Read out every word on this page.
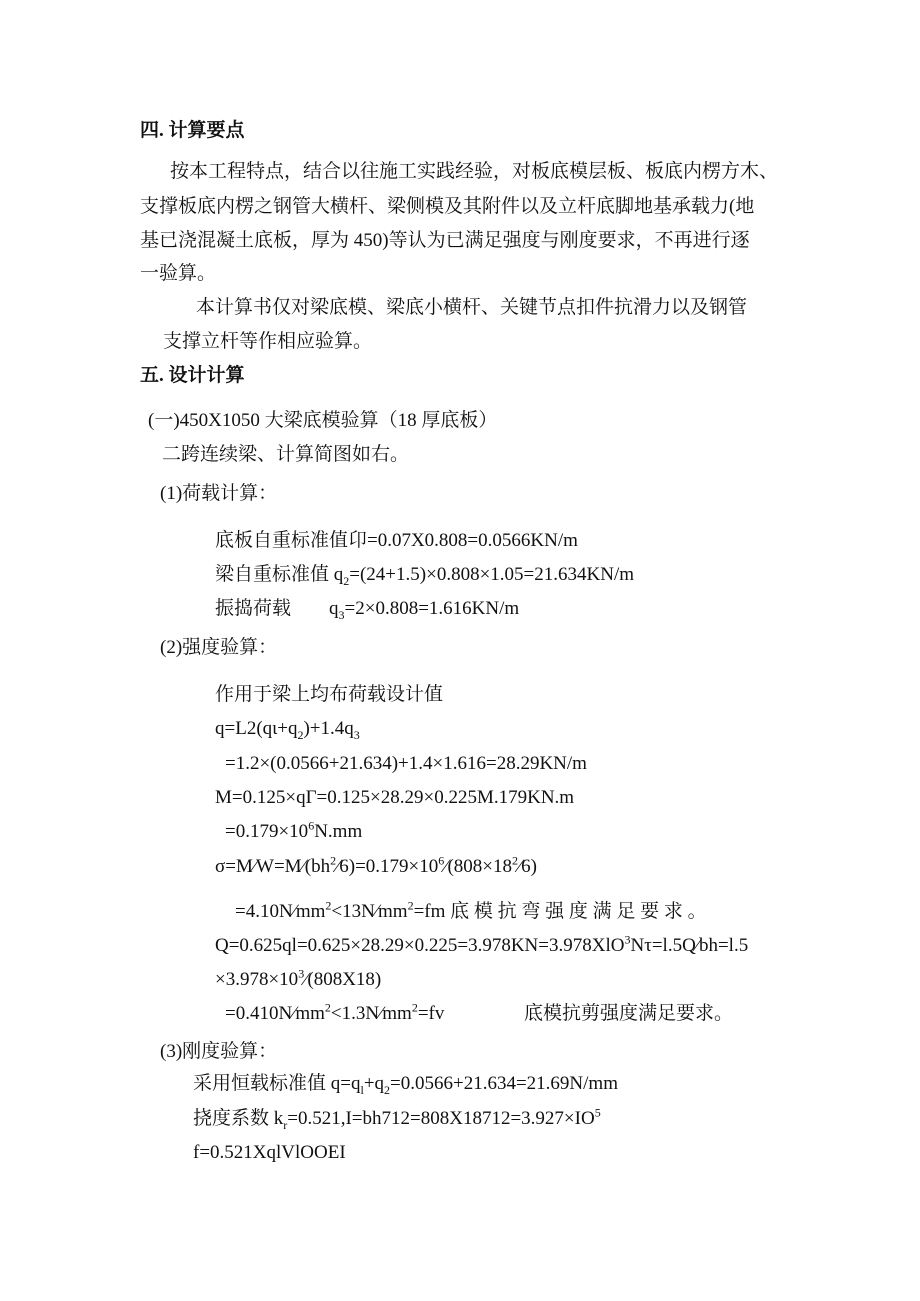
四. 计算要点
按本工程特点，结合以往施工实践经验，对板底模层板、板底内楞方木、
支撑板底内楞之钢管大横杆、梁侧模及其附件以及立杆底脚地基承载力(地
基已浇混凝土底板，厚为 450)等认为已满足强度与刚度要求，不再进行逐
一验算。
本计算书仅对梁底模、梁底小横杆、关键节点扣件抗滑力以及钢管
支撑立杆等作相应验算。
五. 设计计算
(一)450X1050 大梁底模验算（18 厚底板）
二跨连续梁、计算简图如右。
(1)荷载计算：
底板自重标准值卬=0.07X0.808=0.0566KN/m
梁自重标准值 $q_2=(24+1.5)\times 0.808\times 1.05=21.634KN/m$
振捣荷载　　$q_3=2\times 0.808=1.616KN/m$
(2)强度验算：
作用于梁上均布荷载设计值
$q=L2(q\iota+q_2)+1.4q_3$
=1.2×(0.0566+21.634)+1.4×1.616=28.29KN/m
M=0.125×qΓ=0.125×28.29×0.225M.179KN.m
$=0.179\times 10^6N.mm$
$\sigma=M∕W=M∕(bh^2∕6)=0.179\times 10^6∕(808\times 18^2∕6)$
$=4.10N∕mm^2<13N∕mm^2=fm$ 底 模 抗 弯 强 度 满 足 要 求 。
Q=0.625ql=0.625×28.29×0.225=3.978KN=3.978XlO$^3$Nτ=l.5Q∕bh=l.5
$\times 3.978\times 10^3∕(808X18)$
$=0.410N∕mm^2<1.3N∕mm^2=fv$	底模抗剪强度满足要求。
(3)刚度验算：
采用恒载标准值 $q=q_l+q_2=0.0566+21.634=21.69N/mm$
挠度系数 $k_r=0.521,I=bh712=808X18712=3.927\times IO^5$
f=0.521XqlVlOOEI
